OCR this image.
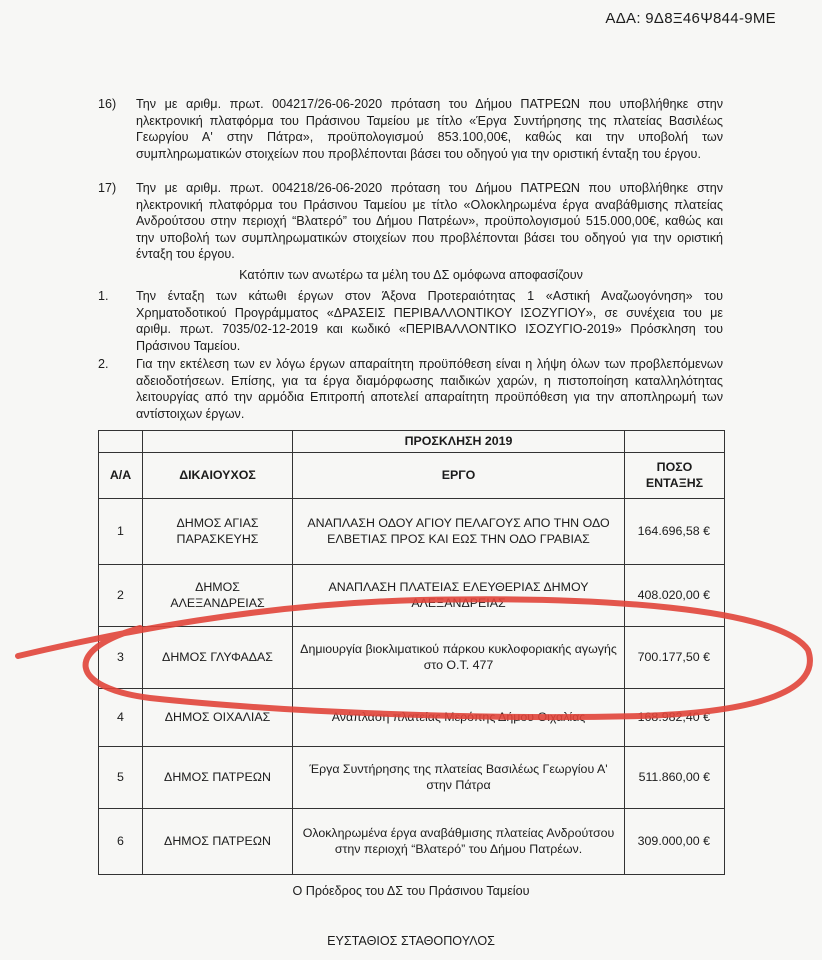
ΑΔΑ: 9Δ8Ξ46Ψ844-9ΜΕ
16) Την με αριθμ. πρωτ. 004217/26-06-2020 πρόταση του Δήμου ΠΑΤΡΕΩΝ που υποβλήθηκε στην ηλεκτρονική πλατφόρμα του Πράσινου Ταμείου με τίτλο «Έργα Συντήρησης της πλατείας Βασιλέως Γεωργίου Α' στην Πάτρα», προϋπολογισμού 853.100,00€, καθώς και την υποβολή των συμπληρωματικών στοιχείων που προβλέπονται βάσει του οδηγού για την οριστική ένταξη του έργου.
17) Την με αριθμ. πρωτ. 004218/26-06-2020 πρόταση του Δήμου ΠΑΤΡΕΩΝ που υποβλήθηκε στην ηλεκτρονική πλατφόρμα του Πράσινου Ταμείου με τίτλο «Ολοκληρωμένα έργα αναβάθμισης πλατείας Ανδρούτσου στην περιοχή “Βλατερό” του Δήμου Πατρέων», προϋπολογισμού 515.000,00€, καθώς και την υποβολή των συμπληρωματικών στοιχείων που προβλέπονται βάσει του οδηγού για την οριστική ένταξη του έργου.
Κατόπιν των ανωτέρω τα μέλη του ΔΣ ομόφωνα αποφασίζουν
1. Την ένταξη των κάτωθι έργων στον Άξονα Προτεραιότητας 1 «Αστική Αναζωογόνηση» του Χρηματοδοτικού Προγράμματος «ΔΡΑΣΕΙΣ ΠΕΡΙΒΑΛΛΟΝΤΙΚΟΥ ΙΣΟΖΥΓΙΟΥ», σε συνέχεια του με αριθμ. πρωτ. 7035/02-12-2019 και κωδικό «ΠΕΡΙΒΑΛΛΟΝΤΙΚΟ ΙΣΟΖΥΓΙΟ-2019» Πρόσκληση του Πράσινου Ταμείου.
2. Για την εκτέλεση των εν λόγω έργων απαραίτητη προϋπόθεση είναι η λήψη όλων των προβλεπόμενων αδειοδοτήσεων. Επίσης, για τα έργα διαμόρφωσης παιδικών χαρών, η πιστοποίηση καταλληλότητας λειτουργίας από την αρμόδια Επιτροπή αποτελεί απαραίτητη προϋπόθεση για την αποπληρωμή των αντίστοιχων έργων.
		ΠΡΟΣΚΛΗΣΗ 2019	
Α/Α	ΔΙΚΑΙΟΥΧΟΣ	ΕΡΓΟ	ΠΟΣΟ ΕΝΤΑΞΗΣ
1	ΔΗΜΟΣ ΑΓΙΑΣ ΠΑΡΑΣΚΕΥΗΣ	ΑΝΑΠΛΑΣΗ ΟΔΟΥ ΑΓΙΟΥ ΠΕΛΑΓΟΥΣ ΑΠΟ ΤΗΝ ΟΔΟ ΕΛΒΕΤΙΑΣ ΠΡΟΣ ΚΑΙ ΕΩΣ ΤΗΝ ΟΔΟ ΓΡΑΒΙΑΣ	164.696,58 €
2	ΔΗΜΟΣ ΑΛΕΞΑΝΔΡΕΙΑΣ	ΑΝΑΠΛΑΣΗ ΠΛΑΤΕΙΑΣ ΕΛΕΥΘΕΡΙΑΣ ΔΗΜΟΥ ΑΛΕΞΑΝΔΡΕΙΑΣ	408.020,00 €
3	ΔΗΜΟΣ ΓΛΥΦΑΔΑΣ	Δημιουργία βιοκλιματικού πάρκου κυκλοφοριακής αγωγής στο Ο.Τ. 477	700.177,50 €
4	ΔΗΜΟΣ ΟΙΧΑΛΙΑΣ	Ανάπλαση πλατείας Μερόπης Δήμου Οιχαλίας	168.982,40 €
5	ΔΗΜΟΣ ΠΑΤΡΕΩΝ	Έργα Συντήρησης της πλατείας Βασιλέως Γεωργίου Α' στην Πάτρα	511.860,00 €
6	ΔΗΜΟΣ ΠΑΤΡΕΩΝ	Ολοκληρωμένα έργα αναβάθμισης πλατείας Ανδρούτσου στην περιοχή “Βλατερό” του Δήμου Πατρέων.	309.000,00 €
Ο Πρόεδρος του ΔΣ του Πράσινου Ταμείου
ΕΥΣΤΑΘΙΟΣ ΣΤΑΘΟΠΟΥΛΟΣ
